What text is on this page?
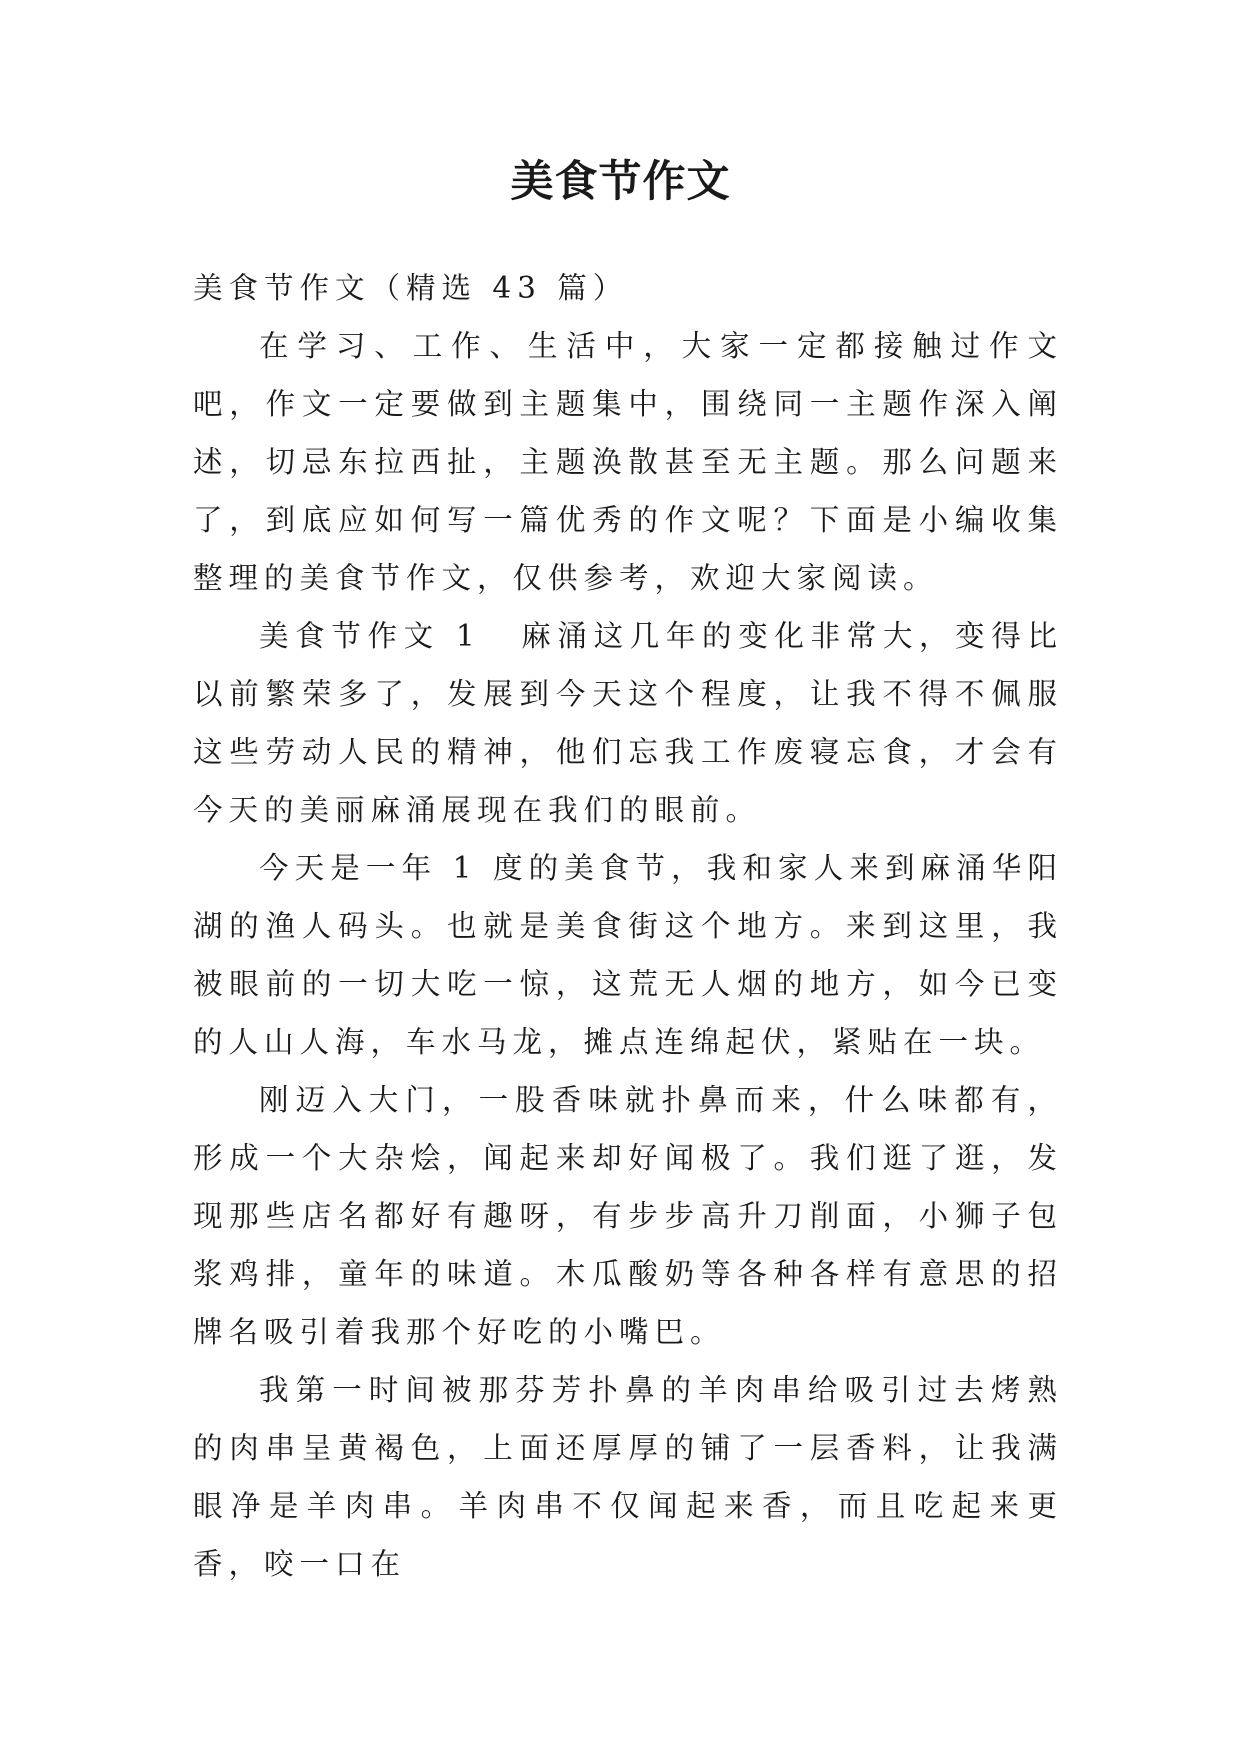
美食节作文

美食节作文（精选 43 篇）

在学习、工作、生活中，大家一定都接触过作文吧，作文一定要做到主题集中，围绕同一主题作深入阐述，切忌东拉西扯，主题涣散甚至无主题。那么问题来了，到底应如何写一篇优秀的作文呢？下面是小编收集整理的美食节作文，仅供参考，欢迎大家阅读。

美食节作文 1 麻涌这几年的变化非常大，变得比以前繁荣多了，发展到今天这个程度，让我不得不佩服这些劳动人民的精神，他们忘我工作废寝忘食，才会有今天的美丽麻涌展现在我们的眼前。

今天是一年 1 度的美食节，我和家人来到麻涌华阳湖的渔人码头。也就是美食街这个地方。来到这里，我被眼前的一切大吃一惊，这荒无人烟的地方，如今已变的人山人海，车水马龙，摊点连绵起伏，紧贴在一块。

刚迈入大门，一股香味就扑鼻而来，什么味都有，形成一个大杂烩，闻起来却好闻极了。我们逛了逛，发现那些店名都好有趣呀，有步步高升刀削面，小狮子包浆鸡排，童年的味道。木瓜酸奶等各种各样有意思的招牌名吸引着我那个好吃的小嘴巴。

我第一时间被那芬芳扑鼻的羊肉串给吸引过去烤熟的肉串呈黄褐色，上面还厚厚的铺了一层香料，让我满眼净是羊肉串。羊肉串不仅闻起来香，而且吃起来更香，咬一口在
